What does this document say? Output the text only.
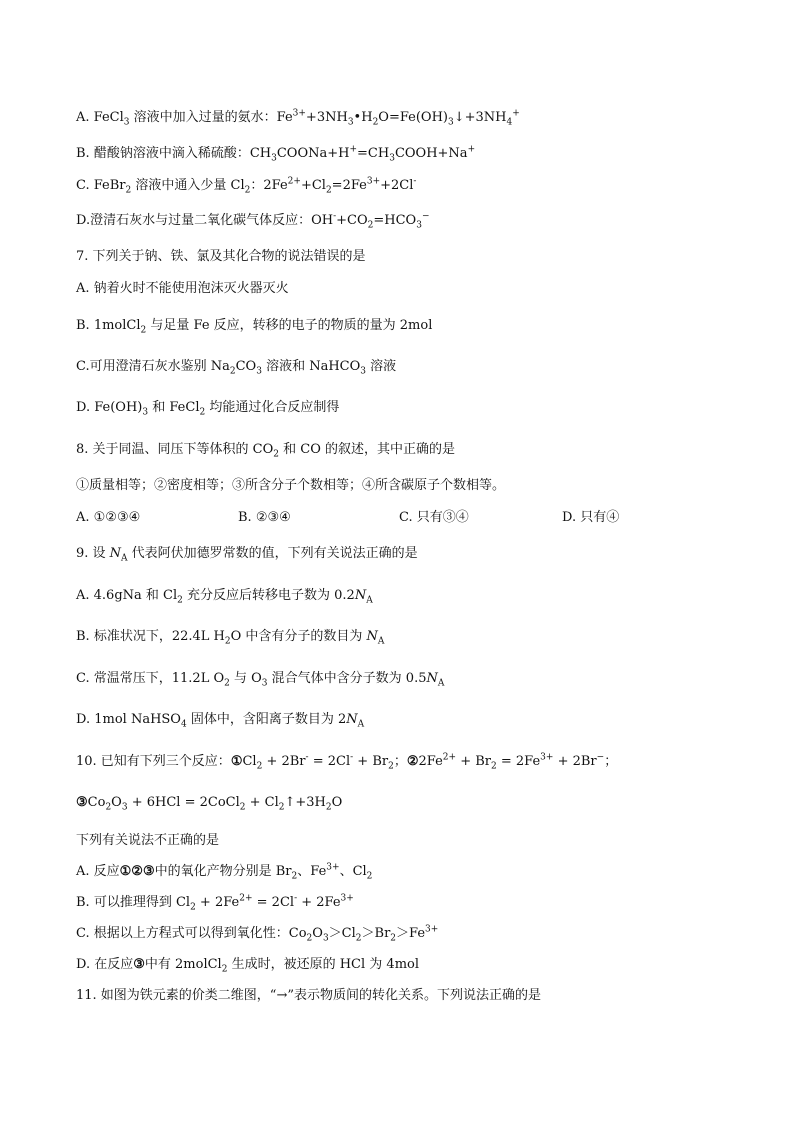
A. FeCl$_3$ 溶液中加入过量的氨水：$Fe^{3+}+3NH_3•H_2O=Fe(OH)_3↓+3NH_4^+$
B. 醋酸钠溶液中滴入稀硫酸：$CH_3COONa+H^+=CH_3COOH+Na^+$
C. FeBr$_2$ 溶液中通入少量 $Cl_2$：$2Fe^{2+}+Cl_2=2Fe^{3+}+2Cl^-$
D.澄清石灰水与过量二氧化碳气体反应：$OH^-+CO_2=HCO_3^-$
7. 下列关于钠、铁、氯及其化合物的说法错误的是
A. 钠着火时不能使用泡沫灭火器灭火
B. 1molCl$_2$ 与足量 Fe 反应，转移的电子的物质的量为 2mol
C.可用澄清石灰水鉴别 $Na_2CO_3$ 溶液和 NaHCO$_3$ 溶液
D. $Fe(OH)_3$ 和 FeCl$_2$ 均能通过化合反应制得
8. 关于同温、同压下等体积的 $CO_2$ 和 CO 的叙述，其中正确的是
①质量相等；②密度相等；③所含分子个数相等；④所含碳原子个数相等。
9. 设 $N_A$ 代表阿伏加德罗常数的值，下列有关说法正确的是
A. 4.6gNa 和 $Cl_2$ 充分反应后转移电子数为 $0.2N_A$
B. 标准状况下，22.4L $H_2O$ 中含有分子的数目为 $N_A$
C. 常温常压下，11.2L $O_2$ 与 $O_3$ 混合气体中含分子数为 $0.5N_A$
D. 1mol NaHSO$_4$ 固体中，含阳离子数目为 $2N_A$
10. 已知有下列三个反应：$①Cl_2 + 2Br^- = 2Cl^- + Br_2$；$②2Fe^{2+} + Br_2 = 2Fe^{3+} + 2Br^-$；
$③Co_2O_3 + 6HCl$ = 2CoCl$_2$ + $Cl_2↑+3H_2O$
下列有关说法不正确的是
A. 反应①②③中的氧化产物分别是 $Br_2$、$Fe^{3+}$、$Cl_2$
B. 可以推理得到 $Cl_2 + 2Fe^{2+} = 2Cl^- + 2Fe^{3+}$
C. 根据以上方程式可以得到氧化性：$Co_2O_3>Cl_2>Br_2>Fe^{3+}$
D. 在反应③中有 2molCl$_2$ 生成时，被还原的 HCl 为 4mol
11. 如图为铁元素的价类二维图，“→”表示物质间的转化关系。下列说法正确的是
A. ①②③④	B. ②③④	C. 只有③④	D. 只有④
